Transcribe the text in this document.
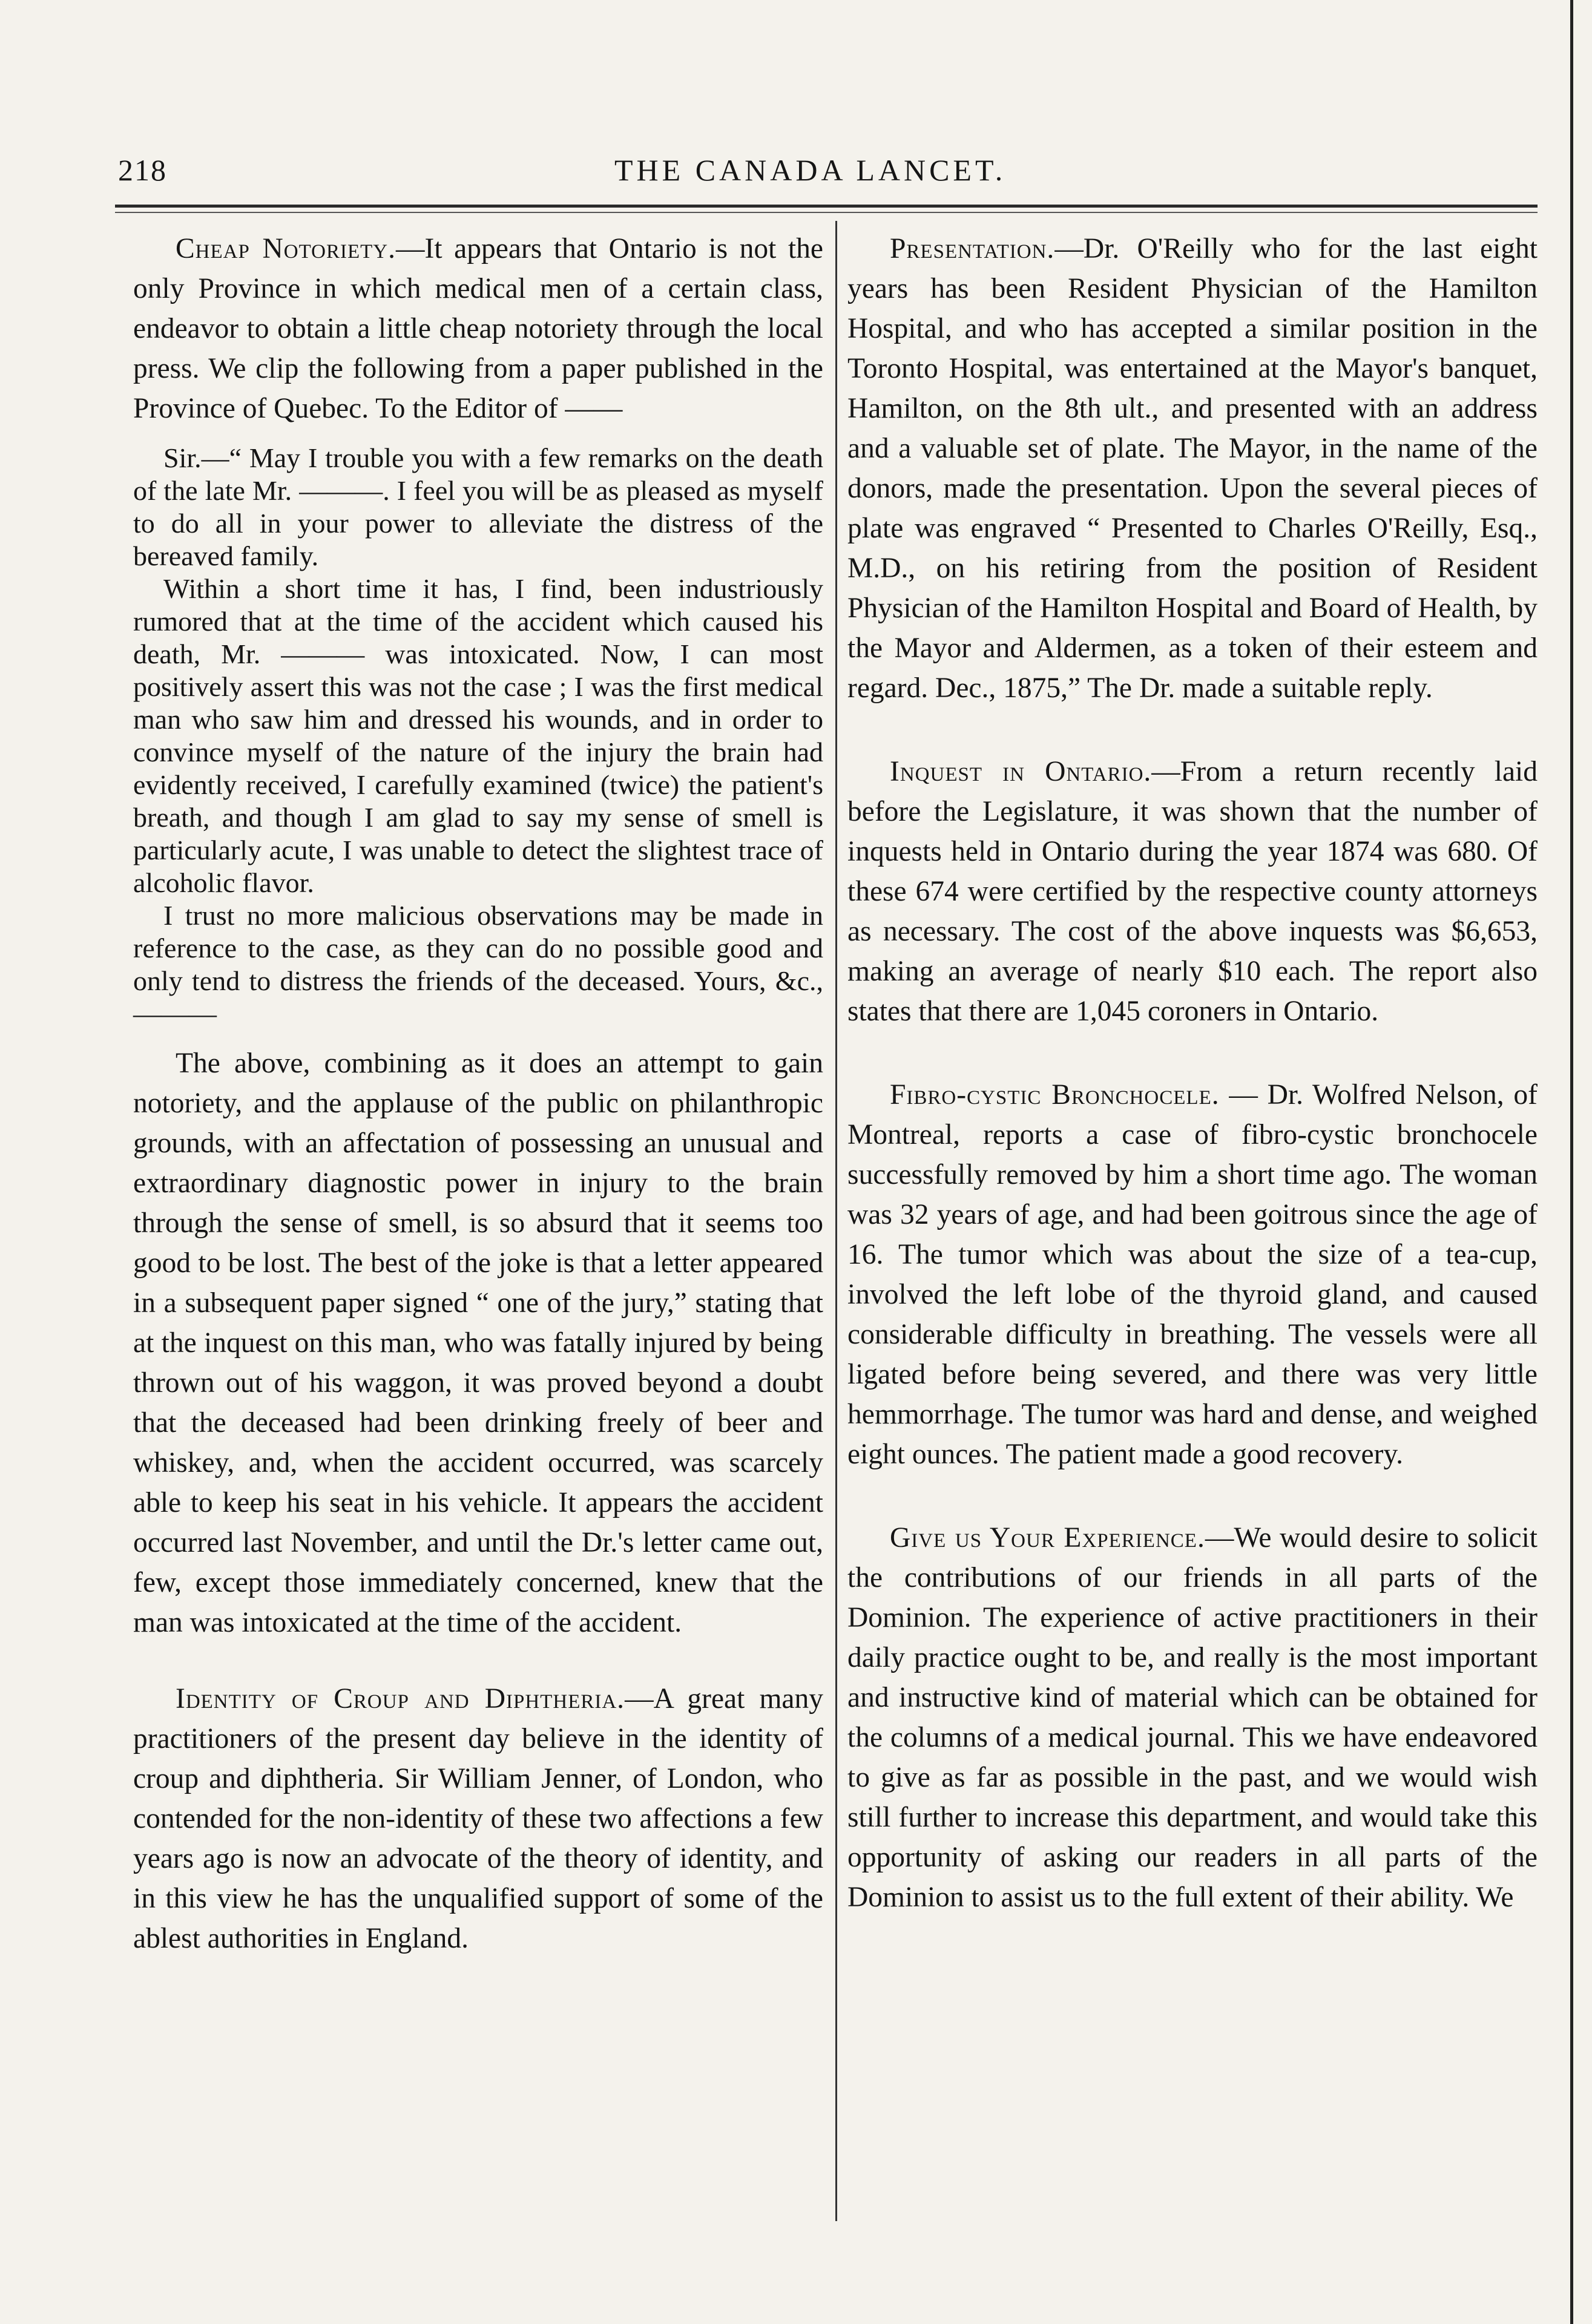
218	THE CANADA LANCET.

Cheap Notoriety.—It appears that Ontario is not the only Province in which medical men of a certain class, endeavor to obtain a little cheap notoriety through the local press. We clip the following from a paper published in the Province of Quebec. To the Editor of ——

Sir.—“ May I trouble you with a few remarks on the death of the late Mr. ———. I feel you will be as pleased as myself to do all in your power to alleviate the distress of the bereaved family.

Within a short time it has, I find, been industriously rumored that at the time of the accident which caused his death, Mr. ——— was intoxicated. Now, I can most positively assert this was not the case ; I was the first medical man who saw him and dressed his wounds, and in order to convince myself of the nature of the injury the brain had evidently received, I carefully examined (twice) the patient's breath, and though I am glad to say my sense of smell is particularly acute, I was unable to detect the slightest trace of alcoholic flavor.

I trust no more malicious observations may be made in reference to the case, as they can do no possible good and only tend to distress the friends of the deceased. Yours, &c., ———

The above, combining as it does an attempt to gain notoriety, and the applause of the public on philanthropic grounds, with an affectation of possessing an unusual and extraordinary diagnostic power in injury to the brain through the sense of smell, is so absurd that it seems too good to be lost. The best of the joke is that a letter appeared in a subsequent paper signed “ one of the jury,” stating that at the inquest on this man, who was fatally injured by being thrown out of his waggon, it was proved beyond a doubt that the deceased had been drinking freely of beer and whiskey, and, when the accident occurred, was scarcely able to keep his seat in his vehicle. It appears the accident occurred last November, and until the Dr.'s letter came out, few, except those immediately concerned, knew that the man was intoxicated at the time of the accident.

Identity of Croup and Diphtheria.—A great many practitioners of the present day believe in the identity of croup and diphtheria. Sir William Jenner, of London, who contended for the non-identity of these two affections a few years ago is now an advocate of the theory of identity, and in this view he has the unqualified support of some of the ablest authorities in England.

Presentation.—Dr. O'Reilly who for the last eight years has been Resident Physician of the Hamilton Hospital, and who has accepted a similar position in the Toronto Hospital, was entertained at the Mayor's banquet, Hamilton, on the 8th ult., and presented with an address and a valuable set of plate. The Mayor, in the name of the donors, made the presentation. Upon the several pieces of plate was engraved “ Presented to Charles O'Reilly, Esq., M.D., on his retiring from the position of Resident Physician of the Hamilton Hospital and Board of Health, by the Mayor and Aldermen, as a token of their esteem and regard. Dec., 1875,” The Dr. made a suitable reply.

Inquest in Ontario.—From a return recently laid before the Legislature, it was shown that the number of inquests held in Ontario during the year 1874 was 680. Of these 674 were certified by the respective county attorneys as necessary. The cost of the above inquests was $6,653, making an average of nearly $10 each. The report also states that there are 1,045 coroners in Ontario.

Fibro-cystic Bronchocele. — Dr. Wolfred Nelson, of Montreal, reports a case of fibro-cystic bronchocele successfully removed by him a short time ago. The woman was 32 years of age, and had been goitrous since the age of 16. The tumor which was about the size of a tea-cup, involved the left lobe of the thyroid gland, and caused considerable difficulty in breathing. The vessels were all ligated before being severed, and there was very little hemmorrhage. The tumor was hard and dense, and weighed eight ounces. The patient made a good recovery.

Give us Your Experience.—We would desire to solicit the contributions of our friends in all parts of the Dominion. The experience of active practitioners in their daily practice ought to be, and really is the most important and instructive kind of material which can be obtained for the columns of a medical journal. This we have endeavored to give as far as possible in the past, and we would wish still further to increase this department, and would take this opportunity of asking our readers in all parts of the Dominion to assist us to the full extent of their ability. We
